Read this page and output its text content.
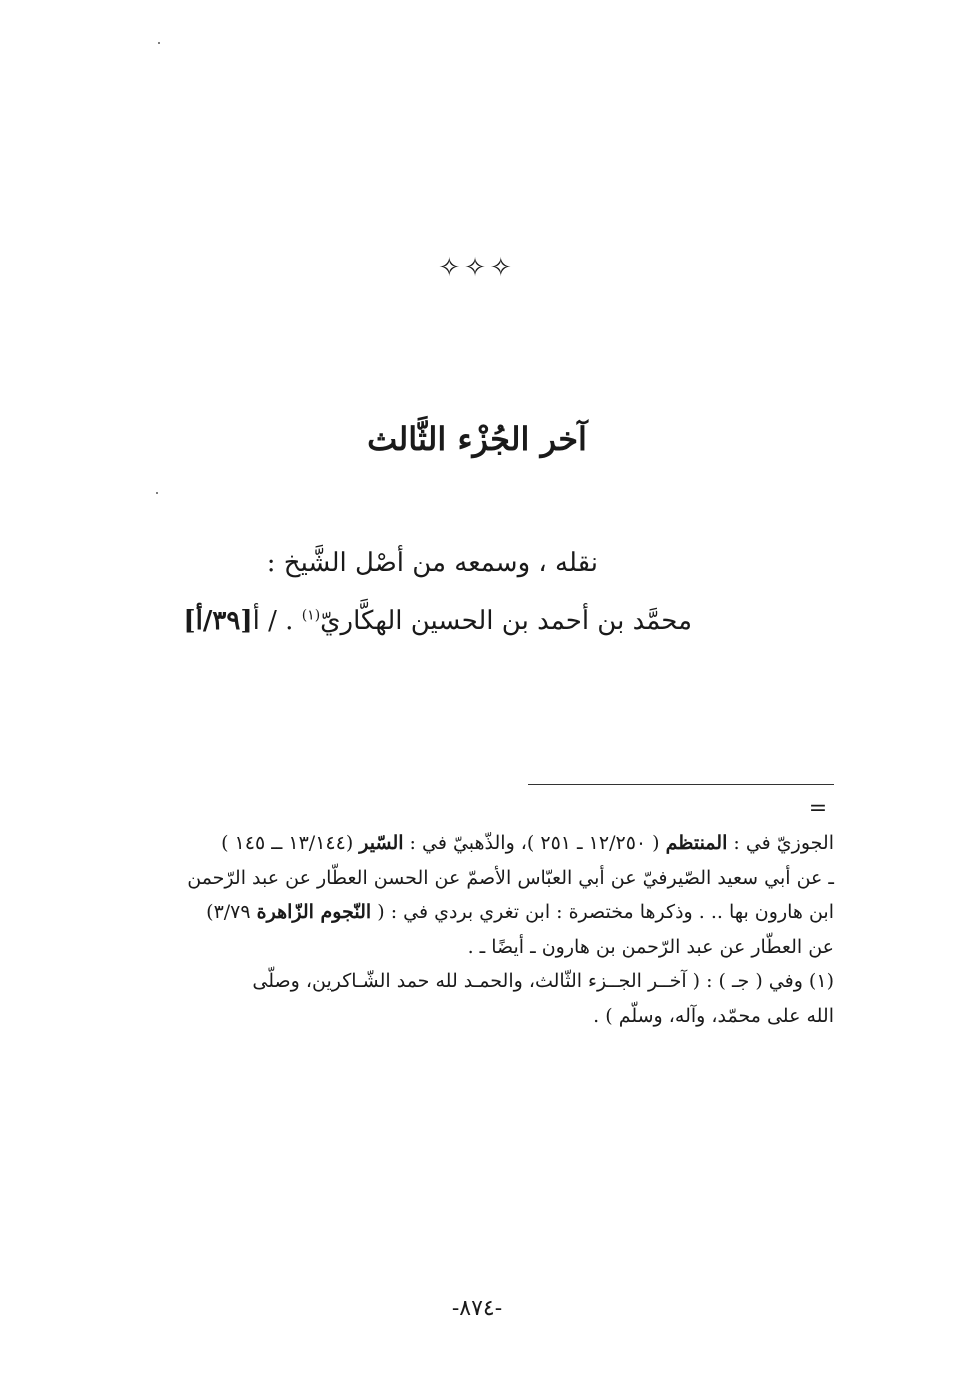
✧✧✧
آخر الجُزْء الثَّالث
نقله ، وسمعه من أصْل الشَّيخ :
محمَّد بن أحمد بن الحسين الهكَّاريّ$^{(١)}$ . / أ[٣٩/أ]
=
الجوزيّ في : المنتظم ( ١٢/٢٥٠ ـ ٢٥١ )، والذّهبيّ في : السّير (١٣/١٤٤ ــ ١٤٥ )
ـ عن أبي سعيد الصّيرفيّ عن أبي العبّاس الأصمّ عن الحسن العطّار عن عبد الرّحمن
ابن هارون بها .. . وذكرها مختصرة : ابن تغري بردي في : ( النّجوم الزّاهرة ٣/٧٩)
عن العطّار عن عبد الرّحمن بن هارون ـ أيضًا ـ .
(١) وفي ( جـ ) : ( آخــر الجــزء الثّالث، والحمـد لله حمد الشّـاكرين، وصلّى
الله على محمّد، وآله، وسلّم ) .
-٨٧٤-
